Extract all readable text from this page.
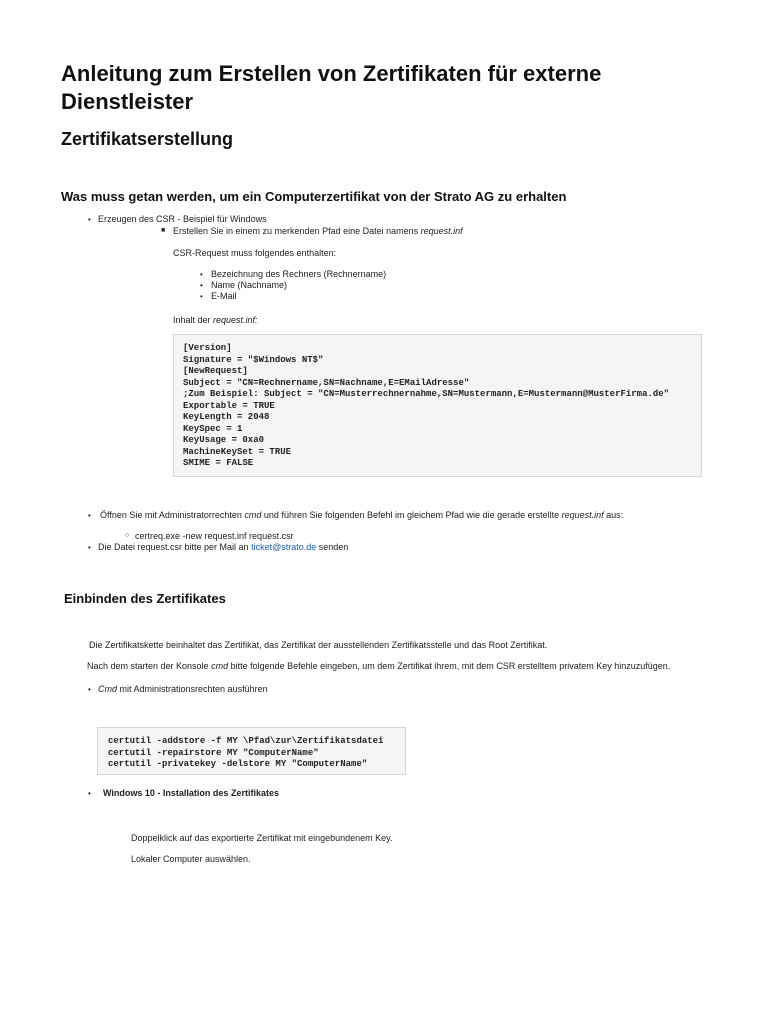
Anleitung zum Erstellen von Zertifikaten für externe Dienstleister
Zertifikatserstellung
Was muss getan werden, um ein Computerzertifikat von der Strato AG zu erhalten
• Erzeugen des CSR - Beispiel für Windows
■ Erstellen Sie in einem zu merkenden Pfad eine Datei namens request.inf
CSR-Request muss folgendes enthalten:
• Bezeichnung des Rechners (Rechnername)
• Name (Nachname)
• E-Mail
Inhalt der request.inf:
[Version]
Signature = "$Windows NT$"
[NewRequest]
Subject = "CN=Rechnername,SN=Nachname,E=EMailAdresse"
;Zum Beispiel: Subject = "CN=Musterrechnernahme,SN=Mustermann,E=Mustermann@MusterFirma.de"
Exportable = TRUE
KeyLength = 2048
KeySpec = 1
KeyUsage = 0xa0
MachineKeySet = TRUE
SMIME = FALSE
• Öffnen Sie mit Administratorrechten cmd und führen Sie folgenden Befehl im gleichem Pfad wie die gerade erstellte request.inf aus:
○ certreq.exe -new request.inf request.csr
• Die Datei request.csr bitte per Mail an ticket@strato.de senden
Einbinden des Zertifikates
Die Zertifikatskette beinhaltet das Zertifikat, das Zertifikat der ausstellenden Zertifikatsstelle und das Root Zertifikat.
Nach dem starten der Konsole cmd bitte folgende Befehle eingeben, um dem Zertifikat ihrem, mit dem CSR erstelltem privatem Key hinzuzufügen.
• Cmd mit Administrationsrechten ausführen
certutil -addstore -f MY \Pfad\zur\Zertifikatsdatei
certutil -repairstore MY "ComputerName"
certutil -privatekey -delstore MY "ComputerName"
• Windows 10 - Installation des Zertifikates
Doppelklick auf das exportierte Zertifikat mit eingebundenem Key.
Lokaler Computer auswählen.
